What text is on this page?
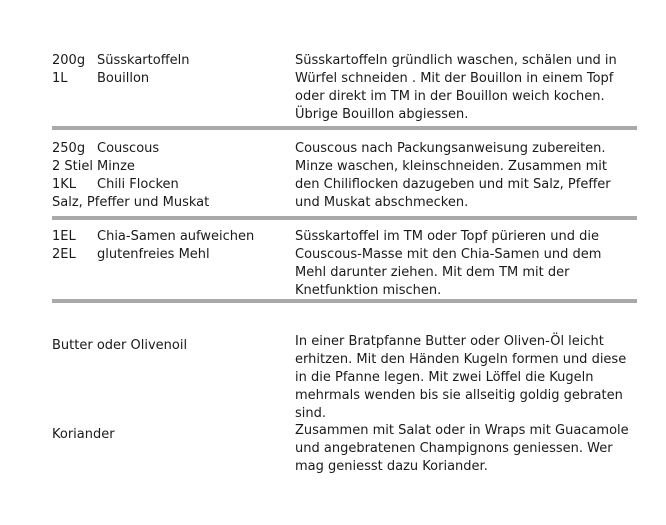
200g Süsskartoffeln
1L Bouillon
Süsskartoffeln gründlich waschen, schälen und in Würfel schneiden . Mit der Bouillon in einem Topf oder direkt im TM in der Bouillon weich kochen. Übrige Bouillon abgiessen.
250g Couscous
2 Stiel Minze
1KL Chili Flocken
Salz, Pfeffer und Muskat
Couscous nach Packungsanweisung zubereiten. Minze waschen, kleinschneiden. Zusammen mit den Chiliflocken dazugeben und mit Salz, Pfeffer und Muskat abschmecken.
1EL Chia-Samen aufweichen
2EL glutenfreies Mehl
Süsskartoffel im TM oder Topf pürieren und die Couscous-Masse mit den Chia-Samen und dem Mehl darunter ziehen. Mit dem TM mit der Knetfunktion mischen.
Butter oder Olivenoil	In einer Bratpfanne Butter oder Oliven-Öl leicht erhitzen. Mit den Händen Kugeln formen und diese in die Pfanne legen. Mit zwei Löffel die Kugeln mehrmals wenden bis sie allseitig goldig gebraten sind.
Koriander	Zusammen mit Salat oder in Wraps mit Guacamole und angebratenen Champignons geniessen. Wer mag geniesst dazu Koriander.
